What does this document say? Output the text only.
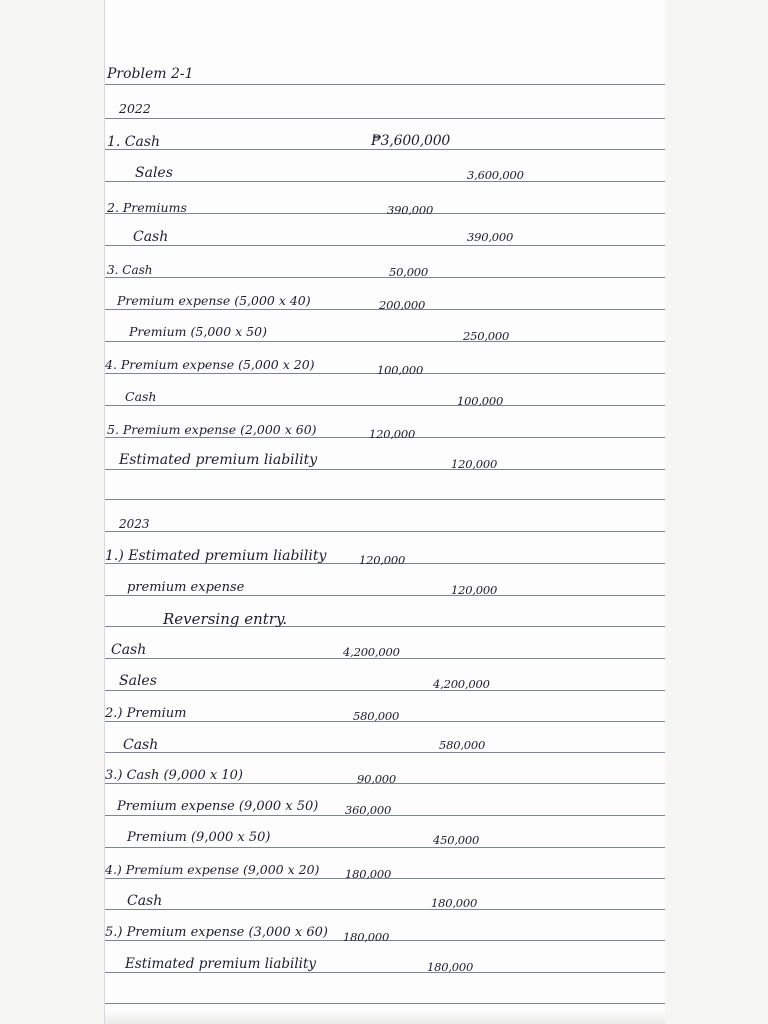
Problem 2-1
2022
1. Cash	₱3,600,000
Sales	3,600,000
2. Premiums	390,000
Cash	390,000
3. Cash	50,000
Premium expense (5,000 x 40)	200,000
Premium (5,000 x 50)	250,000
4. Premium expense (5,000 x 20)	100,000
Cash	100,000
5. Premium expense (2,000 x 60)	120,000
Estimated premium liability	120,000
2023
1.) Estimated premium liability	120,000
premium expense	120,000
Reversing entry.
Cash	4,200,000
Sales	4,200,000
2.) Premium	580,000
Cash	580,000
3.) Cash (9,000 x 10)	90,000
Premium expense (9,000 x 50) 360,000
Premium (9,000 x 50)	450,000
4.) Premium expense (9,000 x 20) 180,000
Cash	180,000
5.) Premium expense (3,000 x 60) 180,000
Estimated premium liability	180,000
